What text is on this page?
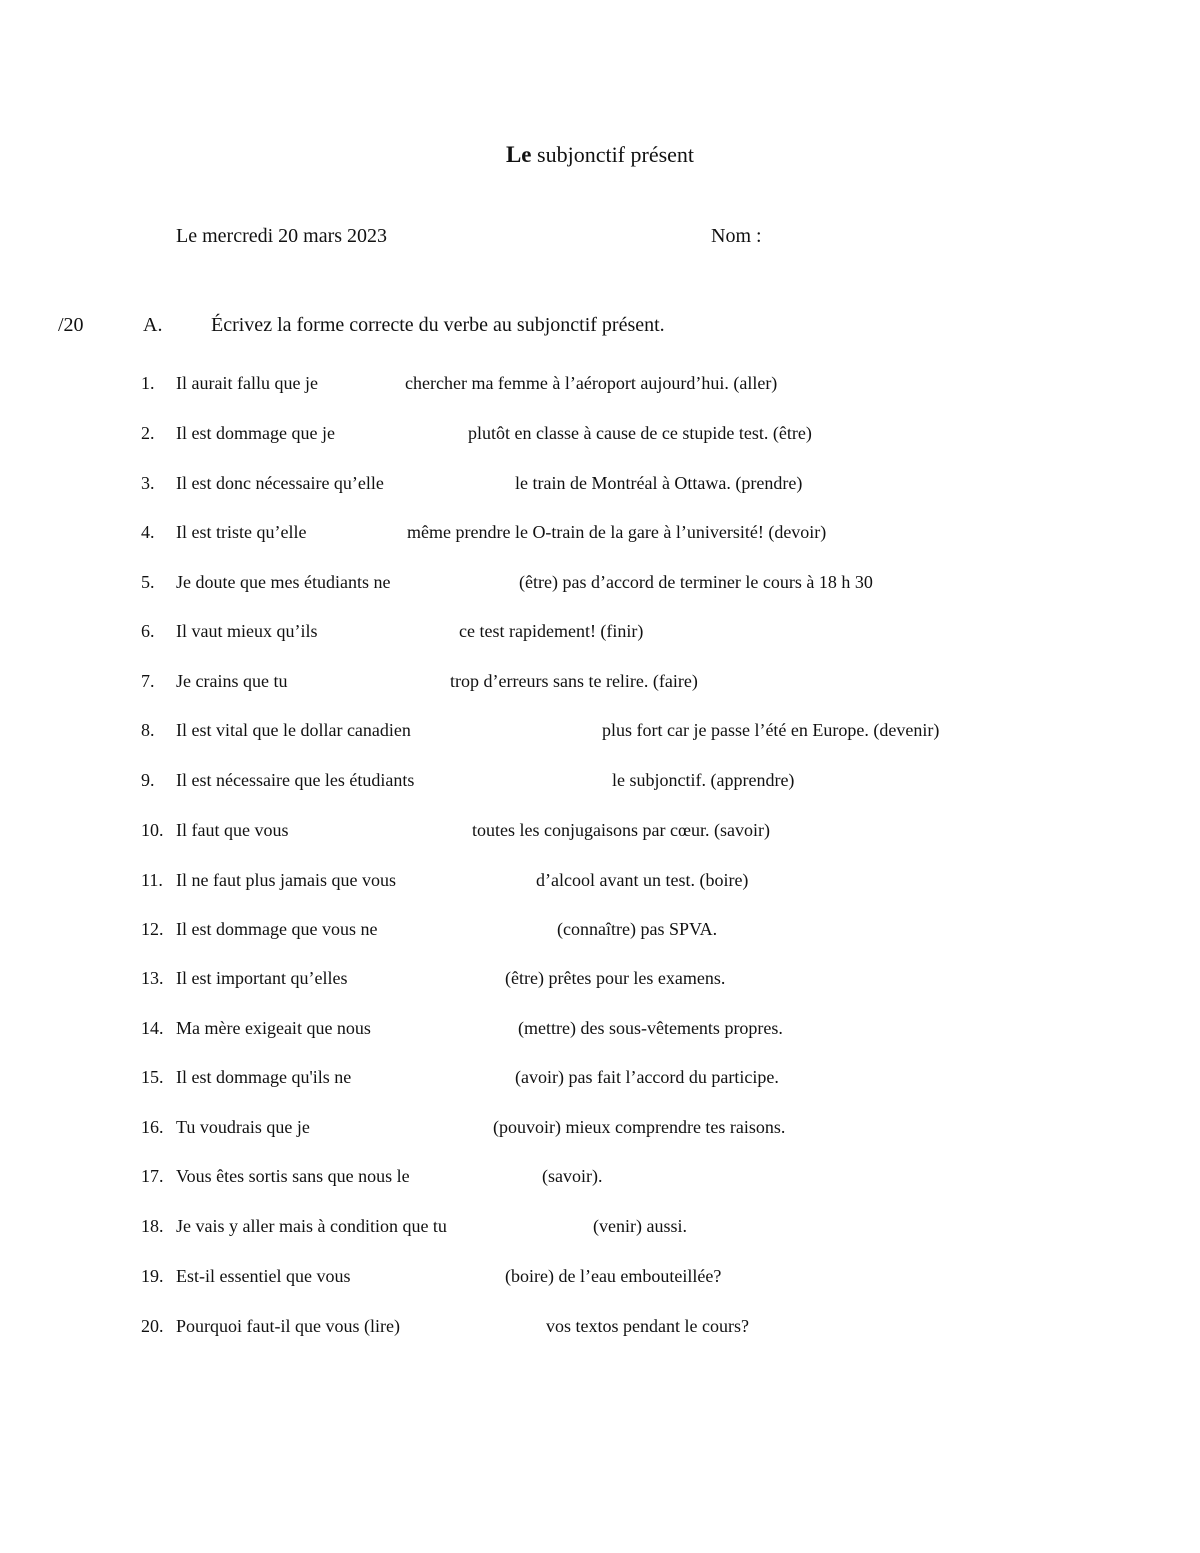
Le subjonctif présent
Le mercredi 20 mars 2023	Nom :
/20	A. Écrivez la forme correcte du verbe au subjonctif présent.
1. Il aurait fallu que je	chercher ma femme à l’aéroport aujourd’hui. (aller)
2. Il est dommage que je	plutôt en classe à cause de ce stupide test. (être)
3. Il est donc nécessaire qu’elle	le train de Montréal à Ottawa. (prendre)
4. Il est triste qu’elle	même prendre le O-train de la gare à l’université! (devoir)
5. Je doute que mes étudiants ne	(être) pas d’accord de terminer le cours à 18 h 30
6. Il vaut mieux qu’ils	ce test rapidement! (finir)
7. Je crains que tu	trop d’erreurs sans te relire. (faire)
8. Il est vital que le dollar canadien	plus fort car je passe l’été en Europe. (devenir)
9. Il est nécessaire que les étudiants	le subjonctif. (apprendre)
10. Il faut que vous	toutes les conjugaisons par cœur. (savoir)
11. Il ne faut plus jamais que vous	d’alcool avant un test. (boire)
12. Il est dommage que vous ne	(connaître) pas SPVA.
13. Il est important qu’elles	(être) prêtes pour les examens.
14. Ma mère exigeait que nous	(mettre) des sous-vêtements propres.
15. Il est dommage qu'ils ne	(avoir) pas fait l’accord du participe.
16. Tu voudrais que je	(pouvoir) mieux comprendre tes raisons.
17. Vous êtes sortis sans que nous le	(savoir).
18. Je vais y aller mais à condition que tu	(venir) aussi.
19. Est-il essentiel que vous	(boire) de l’eau embouteillée?
20. Pourquoi faut-il que vous (lire)	vos textos pendant le cours?
